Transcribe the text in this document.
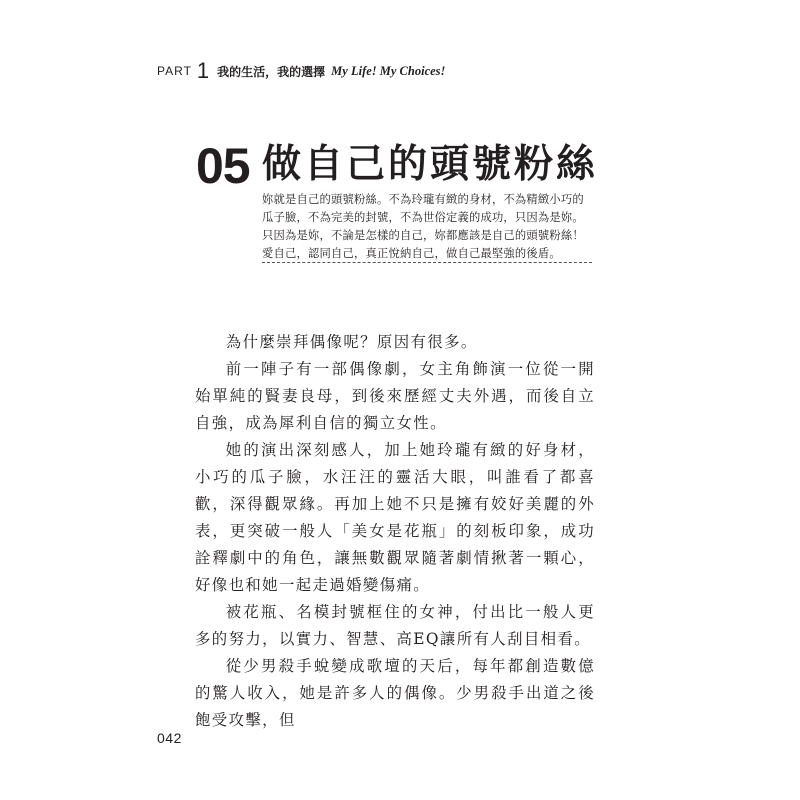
PART 1 我的生活，我的選擇 My Life! My Choices!
05 做自己的頭號粉絲
妳就是自己的頭號粉絲。不為玲瓏有緻的身材，不為精緻小巧的瓜子臉，不為完美的封號，不為世俗定義的成功，只因為是妳。只因為是妳，不論是怎樣的自己，妳都應該是自己的頭號粉絲！愛自己，認同自己，真正悅納自己，做自己最堅強的後盾。

為什麼崇拜偶像呢？原因有很多。

前一陣子有一部偶像劇，女主角飾演一位從一開始單純的賢妻良母，到後來歷經丈夫外遇，而後自立自強，成為犀利自信的獨立女性。

她的演出深刻感人，加上她玲瓏有緻的好身材，小巧的瓜子臉，水汪汪的靈活大眼，叫誰看了都喜歡，深得觀眾緣。再加上她不只是擁有姣好美麗的外表，更突破一般人「美女是花瓶」的刻板印象，成功詮釋劇中的角色，讓無數觀眾隨著劇情揪著一顆心，好像也和她一起走過婚變傷痛。

被花瓶、名模封號框住的女神，付出比一般人更多的努力，以實力、智慧、高EQ讓所有人刮目相看。

從少男殺手蛻變成歌壇的天后，每年都創造數億的驚人收入，她是許多人的偶像。少男殺手出道之後飽受攻擊，但

042
